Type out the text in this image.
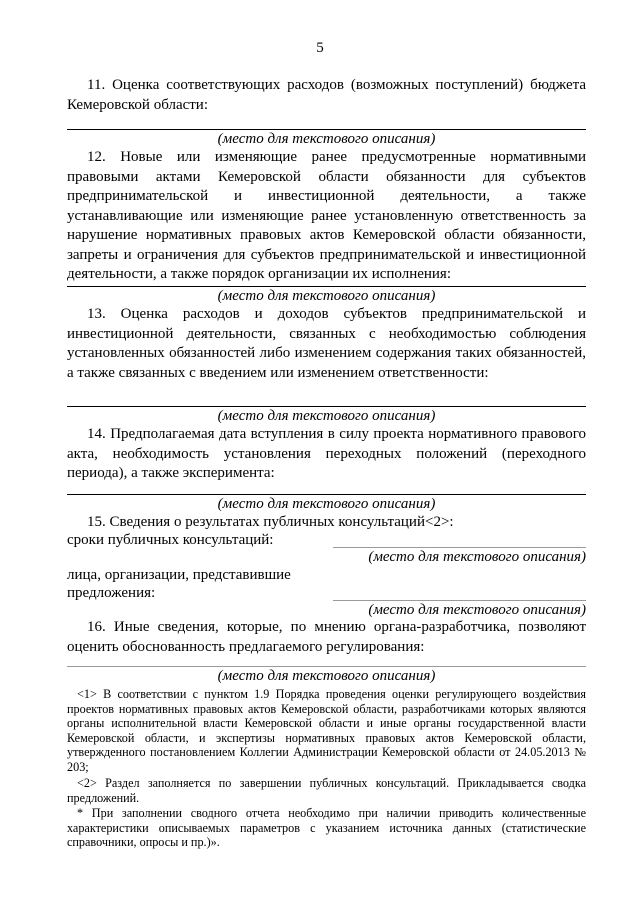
5

11. Оценка соответствующих расходов (возможных поступлений) бюджета Кемеровской области:

(место для текстового описания)

12. Новые или изменяющие ранее предусмотренные нормативными правовыми актами Кемеровской области обязанности для субъектов предпринимательской и инвестиционной деятельности, а также устанавливающие или изменяющие ранее установленную ответственность за нарушение нормативных правовых актов Кемеровской области обязанности, запреты и ограничения для субъектов предпринимательской и инвестиционной деятельности, а также порядок организации их исполнения:

(место для текстового описания)

13. Оценка расходов и доходов субъектов предпринимательской и инвестиционной деятельности, связанных с необходимостью соблюдения установленных обязанностей либо изменением содержания таких обязанностей, а также связанных с введением или изменением ответственности:

(место для текстового описания)

14. Предполагаемая дата вступления в силу проекта нормативного правового акта, необходимость установления переходных положений (переходного периода), а также эксперимента:

(место для текстового описания)
15. Сведения о результатах публичных консультаций<2>:
сроки публичных консультаций:
(место для текстового описания)
лица, организации, представившие
предложения:
(место для текстового описания)

16. Иные сведения, которые, по мнению органа-разработчика, позволяют оценить обоснованность предлагаемого регулирования:

(место для текстового описания)

<1> В соответствии с пунктом 1.9 Порядка проведения оценки регулирующего воздействия проектов нормативных правовых актов Кемеровской области, разработчиками которых являются органы исполнительной власти Кемеровской области и иные органы государственной власти Кемеровской области, и экспертизы нормативных правовых актов Кемеровской области, утвержденного постановлением Коллегии Администрации Кемеровской области от 24.05.2013 № 203;

<2> Раздел заполняется по завершении публичных консультаций. Прикладывается сводка предложений.

* При заполнении сводного отчета необходимо при наличии приводить количественные характеристики описываемых параметров с указанием источника данных (статистические справочники, опросы и пр.)».
